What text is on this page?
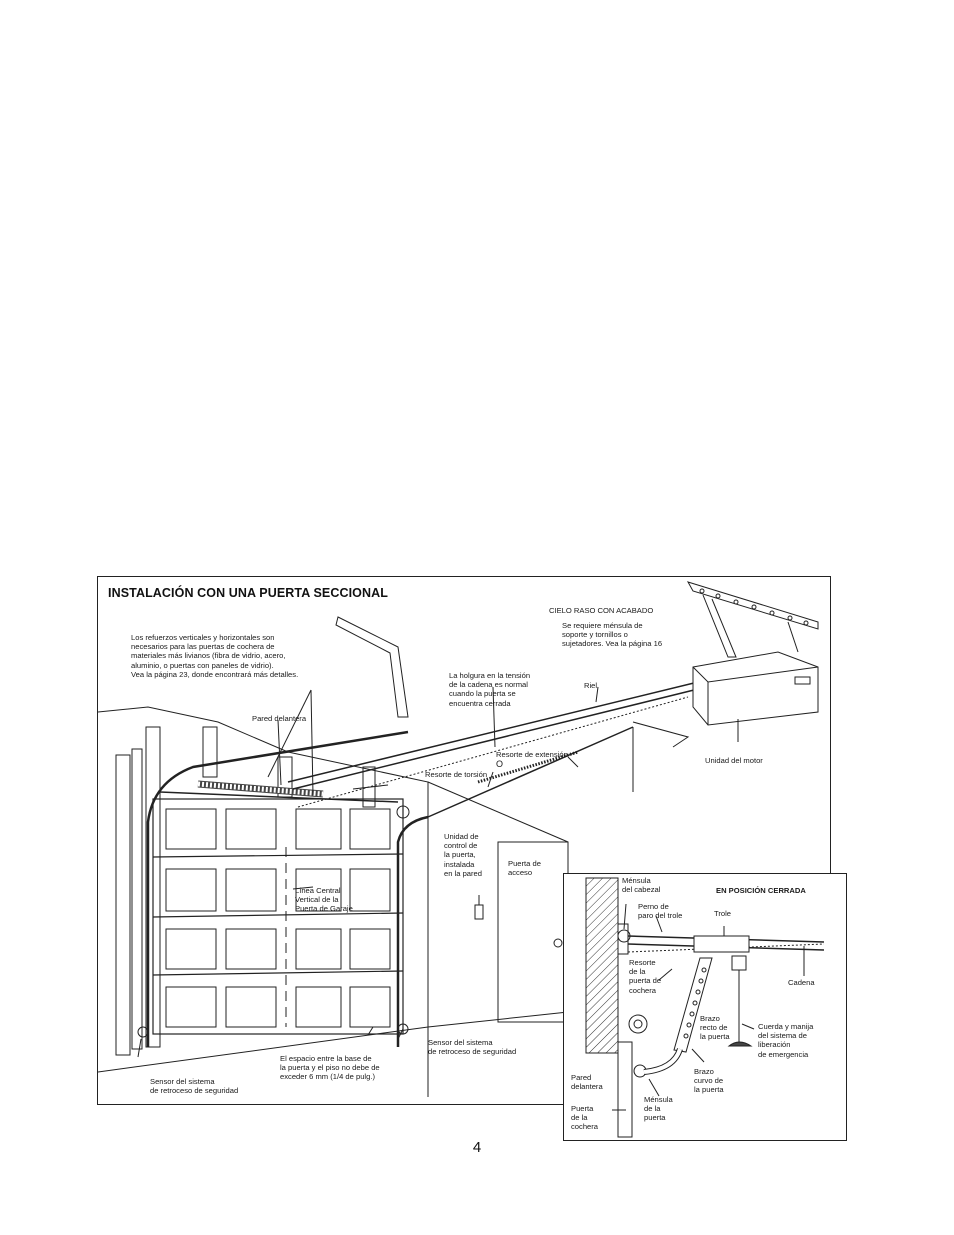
INSTALACIÓN CON UNA PUERTA SECCIONAL
CIELO RASO CON ACABADO
Se requiere ménsula de
soporte y tornillos o
sujetadores. Vea la página 16
Los refuerzos verticales y horizontales son
necesarios para las puertas de cochera de
materiales más livianos (fibra de vidrio, acero,
aluminio, o puertas con paneles de vidrio).
Vea la página 23, donde encontrará más detalles.	La holgura en la tensión
de la cadena es normal
cuando la puerta se
encuentra cerrada
Riel
Pared delantera
Resorte de extensión
O
Resorte de torsión
Unidad del motor
Unidad de
control de
la puerta,
instalada
en la pared
Puerta de
acceso
Línea Central
Vertical de la
Puerta de Garaje
Sensor del sistema
de retroceso de seguridad
El espacio entre la base de
la puerta y el piso no debe de
exceder 6 mm (1/4 de pulg.)
Sensor del sistema
de retroceso de seguridad
EN POSICIÓN CERRADA
Ménsula
del cabezal
Perno de
paro del trole	Trole
Resorte
de la
puerta de
cochera
Cadena
Brazo
recto de
la puerta
Cuerda y manija
del sistema de
liberación
de emergencia
Pared
delantera
Brazo
curvo de
la puerta
Ménsula
de la
puerta
Puerta
de la
cochera
4
